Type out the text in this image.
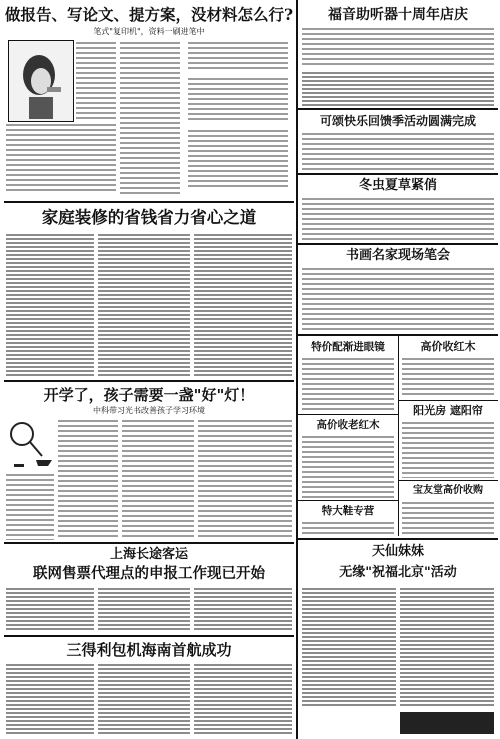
做报告、写论文、提方案，没材料怎么行?
笔式"复印机"，资料一刷进笔中
家庭装修的省钱省力省心之道
开学了，孩子需要一盏"好"灯！
中科带习光书改善孩子学习环境
上海长途客运
联网售票代理点的申报工作现已开始
三得利包机海南首航成功
福音助听器十周年店庆
可颂快乐回馈季活动圆满完成
冬虫夏草紧俏
书画名家现场笔会
特价配渐进眼镜	高价收红木
阳光房 遮阳帘
高价收老红木
宝友堂高价收购
特大鞋专营
天仙妹妹
无缘"祝福北京"活动
